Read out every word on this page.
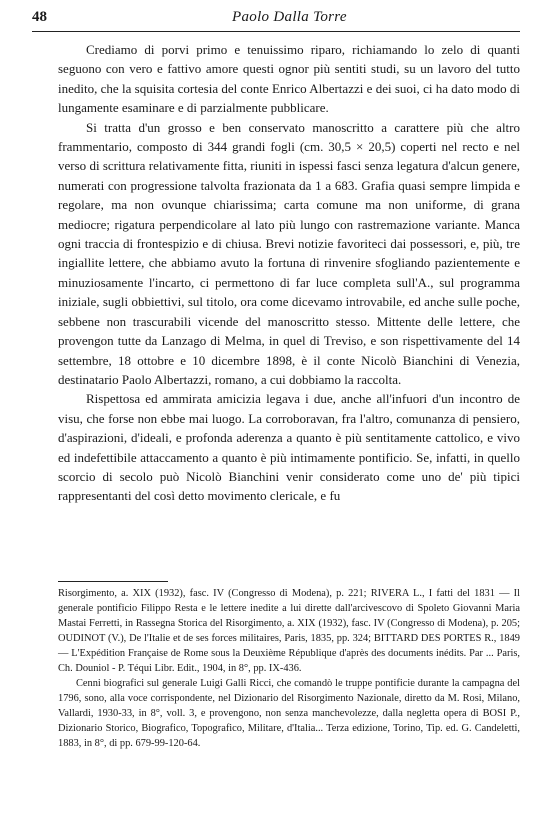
48	Paolo Dalla Torre

Crediamo di porvi primo e tenuissimo riparo, richiamando lo zelo di quanti seguono con vero e fattivo amore questi ognor più sentiti studi, su un lavoro del tutto inedito, che la squisita cortesia del conte Enrico Albertazzi e dei suoi, ci ha dato modo di lungamente esaminare e di parzialmente pubblicare.

Si tratta d'un grosso e ben conservato manoscritto a carattere più che altro frammentario, composto di 344 grandi fogli (cm. 30,5 × 20,5) coperti nel recto e nel verso di scrittura relativamente fitta, riuniti in ispessi fasci senza legatura d'alcun genere, numerati con progressione talvolta frazionata da 1 a 683. Grafia quasi sempre limpida e regolare, ma non ovunque chiarissima; carta comune ma non uniforme, di grana mediocre; rigatura perpendicolare al lato più lungo con rastremazione variante. Manca ogni traccia di frontespizio e di chiusa. Brevi notizie favoriteci dai possessori, e, più, tre ingiallite lettere, che abbiamo avuto la fortuna di rinvenire sfogliando pazientemente e minuziosamente l'incarto, ci permettono di far luce completa sull'A., sul programma iniziale, sugli obbiettivi, sul titolo, ora come dicevamo introvabile, ed anche sulle poche, sebbene non trascurabili vicende del manoscritto stesso. Mittente delle lettere, che provengon tutte da Lanzago di Melma, in quel di Treviso, e son rispettivamente del 14 settembre, 18 ottobre e 10 dicembre 1898, è il conte Nicolò Bianchini di Venezia, destinatario Paolo Albertazzi, romano, a cui dobbiamo la raccolta.

Rispettosa ed ammirata amicizia legava i due, anche all'infuori d'un incontro de visu, che forse non ebbe mai luogo. La corroboravan, fra l'altro, comunanza di pensiero, d'aspirazioni, d'ideali, e profonda aderenza a quanto è più sentitamente cattolico, e vivo ed indefettibile attaccamento a quanto è più intimamente pontificio. Se, infatti, in quello scorcio di secolo può Nicolò Bianchini venir considerato come uno de' più tipici rappresentanti del così detto movimento clericale, e fu

Risorgimento, a. XIX (1932), fasc. IV (Congresso di Modena), p. 221; RIVERA L., I fatti del 1831 — Il generale pontificio Filippo Resta e le lettere inedite a lui dirette dall'arcivescovo di Spoleto Giovanni Maria Mastai Ferretti, in Rassegna Storica del Risorgimento, a. XIX (1932), fasc. IV (Congresso di Modena), p. 205; OUDINOT (V.), De l'Italie et de ses forces militaires, Paris, 1835, pp. 324; BITTARD DES PORTES R., 1849 — L'Expédition Française de Rome sous la Deuxième République d'après des documents inédits. Par ... Paris, Ch. Douniol - P. Téqui Libr. Edit., 1904, in 8°, pp. IX-436.

Cenni biografici sul generale Luigi Galli Ricci, che comandò le truppe pontificie durante la campagna del 1796, sono, alla voce corrispondente, nel Dizionario del Risorgimento Nazionale, diretto da M. Rosi, Milano, Vallardi, 1930-33, in 8°, voll. 3, e provengono, non senza manchevolezze, dalla negletta opera di BOSI P., Dizionario Storico, Biografico, Topografico, Militare, d'Italia... Terza edizione, Torino, Tip. ed. G. Candeletti, 1883, in 8°, di pp. 679-99-120-64.
